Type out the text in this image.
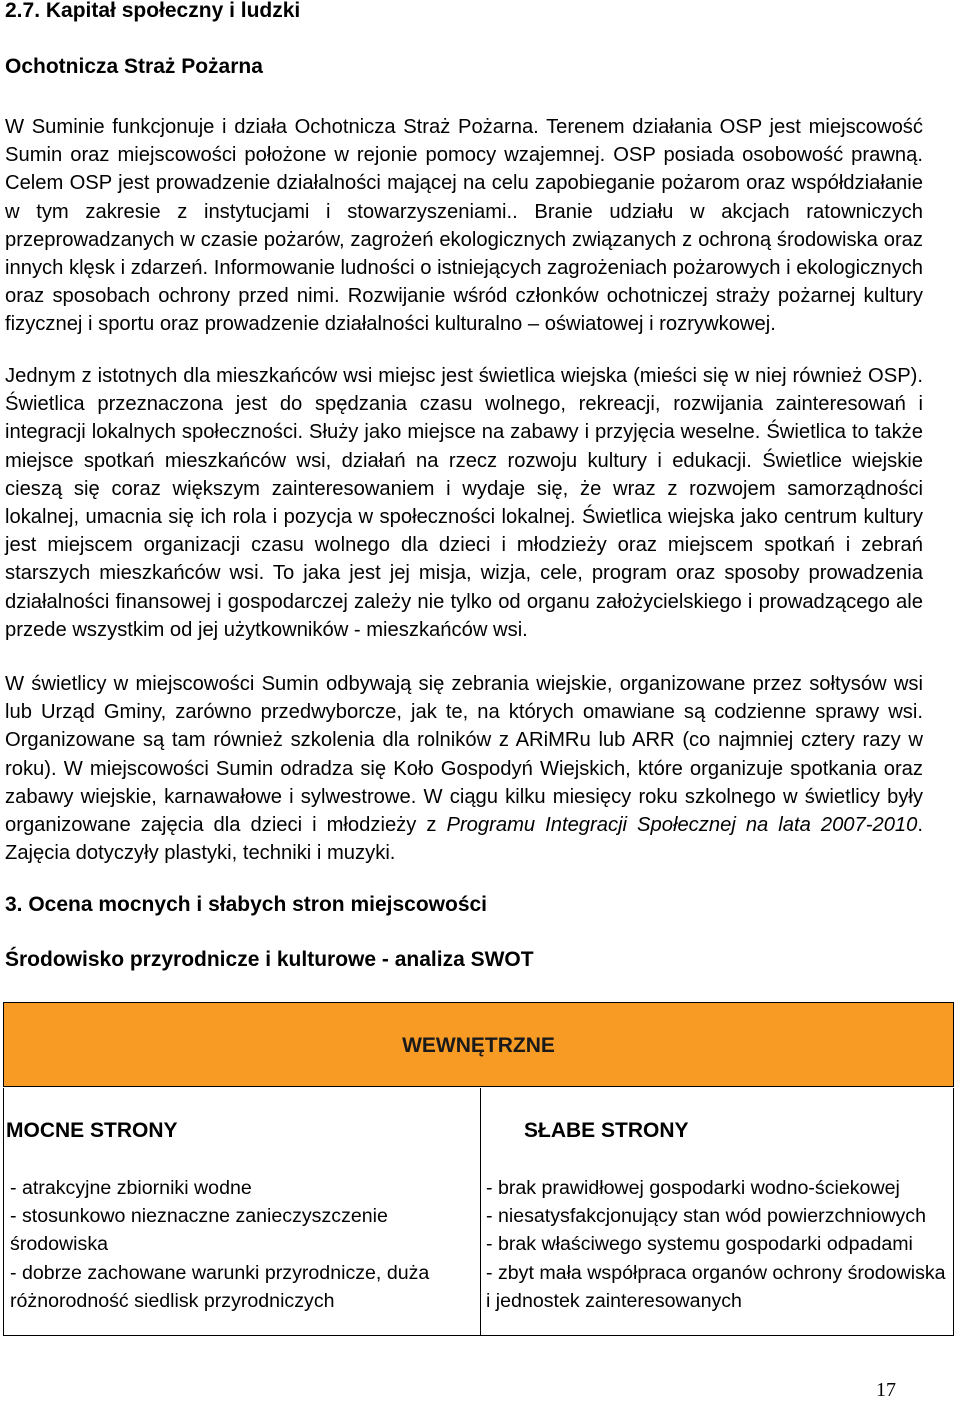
2.7. Kapitał społeczny i ludzki
Ochotnicza Straż Pożarna

W Suminie funkcjonuje i działa Ochotnicza Straż Pożarna. Terenem działania OSP jest miejscowość Sumin oraz miejscowości położone w rejonie pomocy wzajemnej. OSP posiada osobowość prawną. Celem OSP jest prowadzenie działalności mającej na celu zapobieganie pożarom oraz współdziałanie w tym zakresie z instytucjami i stowarzyszeniami.. Branie udziału w akcjach ratowniczych przeprowadzanych w czasie pożarów, zagrożeń ekologicznych związanych z ochroną środowiska oraz innych klęsk i zdarzeń. Informowanie ludności o istniejących zagrożeniach pożarowych i ekologicznych oraz sposobach ochrony przed nimi. Rozwijanie wśród członków ochotniczej straży pożarnej kultury fizycznej i sportu oraz prowadzenie działalności kulturalno – oświatowej i rozrywkowej.

Jednym z istotnych dla mieszkańców wsi miejsc jest świetlica wiejska (mieści się w niej również OSP). Świetlica przeznaczona jest do spędzania czasu wolnego, rekreacji, rozwijania zainteresowań i integracji lokalnych społeczności. Służy jako miejsce na zabawy i przyjęcia weselne. Świetlica to także miejsce spotkań mieszkańców wsi, działań na rzecz rozwoju kultury i edukacji. Świetlice wiejskie cieszą się coraz większym zainteresowaniem i wydaje się, że wraz z rozwojem samorządności lokalnej, umacnia się ich rola i pozycja w społeczności lokalnej. Świetlica wiejska jako centrum kultury jest miejscem organizacji czasu wolnego dla dzieci i młodzieży oraz miejscem spotkań i zebrań starszych mieszkańców wsi. To jaka jest jej misja, wizja, cele, program oraz sposoby prowadzenia działalności finansowej i gospodarczej zależy nie tylko od organu założycielskiego i prowadzącego ale przede wszystkim od jej użytkowników - mieszkańców wsi.

W świetlicy w miejscowości Sumin odbywają się zebrania wiejskie, organizowane przez sołtysów wsi lub Urząd Gminy, zarówno przedwyborcze, jak te, na których omawiane są codzienne sprawy wsi. Organizowane są tam również szkolenia dla rolników z ARiMRu lub ARR (co najmniej cztery razy w roku). W miejscowości Sumin odradza się Koło Gospodyń Wiejskich, które organizuje spotkania oraz zabawy wiejskie, karnawałowe i sylwestrowe. W ciągu kilku miesięcy roku szkolnego w świetlicy były organizowane zajęcia dla dzieci i młodzieży z Programu Integracji Społecznej na lata 2007-2010. Zajęcia dotyczyły plastyki, techniki i muzyki.

3. Ocena mocnych i słabych stron miejscowości
Środowisko przyrodnicze i kulturowe - analiza SWOT
WEWNĘTRZNE
MOCNE STRONY	SŁABE STRONY
- atrakcyjne zbiorniki wodne
- stosunkowo nieznaczne zanieczyszczenie środowiska
- dobrze zachowane warunki przyrodnicze, duża różnorodność siedlisk przyrodniczych
- brak prawidłowej gospodarki wodno-ściekowej
- niesatysfakcjonujący stan wód powierzchniowych
- brak właściwego systemu gospodarki odpadami
- zbyt mała współpraca organów ochrony środowiska i jednostek zainteresowanych
17
